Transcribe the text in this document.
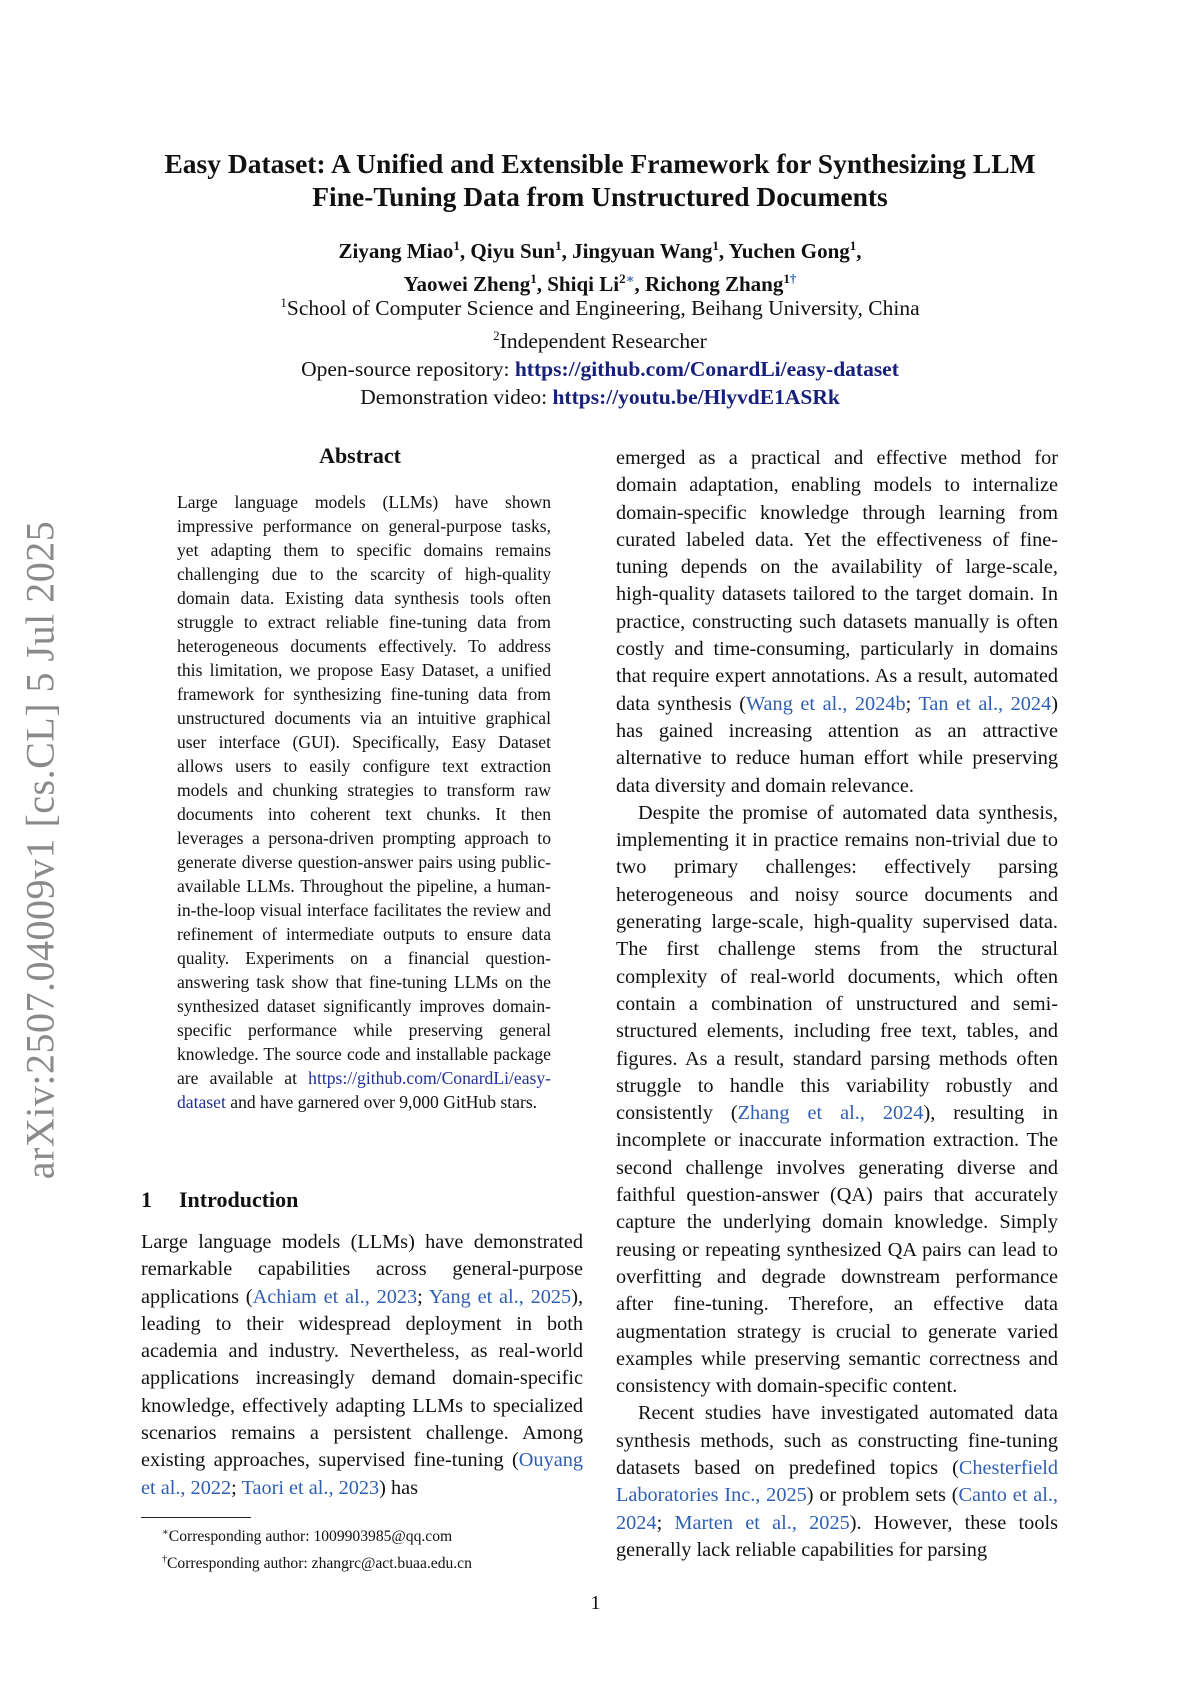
arXiv:2507.04009v1 [cs.CL] 5 Jul 2025
Easy Dataset: A Unified and Extensible Framework for Synthesizing LLM
Fine-Tuning Data from Unstructured Documents
Ziyang Miao$^1$, Qiyu Sun$^1$, Jingyuan Wang$^1$, Yuchen Gong$^1$,
Yaowei Zheng$^1$, Shiqi $Li^{2∗}$, Richong Zhang$^{1\dagger}$
$^1$School of Computer Science and Engineering, Beihang University, China
$^2$Independent Researcher
Open-source repository: https://github.com/ConardLi/easy-dataset
Demonstration video: https://youtu.be/HlyvdE1ASRk
Abstract
Large language models (LLMs) have shown impressive performance on general-purpose tasks, yet adapting them to specific domains remains challenging due to the scarcity of high-quality domain data. Existing data synthesis tools often struggle to extract reliable fine-tuning data from heterogeneous documents effectively. To address this limitation, we propose Easy Dataset, a unified framework for synthesizing fine-tuning data from unstructured documents via an intuitive graphical user interface (GUI). Specifically, Easy Dataset allows users to easily configure text extraction models and chunking strategies to transform raw documents into coherent text chunks. It then leverages a persona-driven prompting approach to generate diverse question-answer pairs using public-available LLMs. Throughout the pipeline, a human-in-the-loop visual interface facilitates the review and refinement of intermediate outputs to ensure data quality. Experiments on a financial question-answering task show that fine-tuning LLMs on the synthesized dataset significantly improves domain-specific performance while preserving general knowledge. The source code and installable package are available at https://github.com/ConardLi/easy-dataset and have garnered over 9,000 GitHub stars.
1 Introduction
Large language models (LLMs) have demonstrated remarkable capabilities across general-purpose applications (Achiam et al., 2023; Yang et al., 2025), leading to their widespread deployment in both academia and industry. Nevertheless, as real-world applications increasingly demand domain-specific knowledge, effectively adapting LLMs to specialized scenarios remains a persistent challenge. Among existing approaches, supervised fine-tuning (Ouyang et al., 2022; Taori et al., 2023) has
∗Corresponding author: 1009903985@qq.com
†Corresponding author: zhangrc@act.buaa.edu.cn

emerged as a practical and effective method for domain adaptation, enabling models to internalize domain-specific knowledge through learning from curated labeled data. Yet the effectiveness of fine-tuning depends on the availability of large-scale, high-quality datasets tailored to the target domain. In practice, constructing such datasets manually is often costly and time-consuming, particularly in domains that require expert annotations. As a result, automated data synthesis (Wang et al., 2024b; Tan et al., 2024) has gained increasing attention as an attractive alternative to reduce human effort while preserving data diversity and domain relevance.

Despite the promise of automated data synthesis, implementing it in practice remains non-trivial due to two primary challenges: effectively parsing heterogeneous and noisy source documents and generating large-scale, high-quality supervised data. The first challenge stems from the structural complexity of real-world documents, which often contain a combination of unstructured and semi-structured elements, including free text, tables, and figures. As a result, standard parsing methods often struggle to handle this variability robustly and consistently (Zhang et al., 2024), resulting in incomplete or inaccurate information extraction. The second challenge involves generating diverse and faithful question-answer (QA) pairs that accurately capture the underlying domain knowledge. Simply reusing or repeating synthesized QA pairs can lead to overfitting and degrade downstream performance after fine-tuning. Therefore, an effective data augmentation strategy is crucial to generate varied examples while preserving semantic correctness and consistency with domain-specific content.

Recent studies have investigated automated data synthesis methods, such as constructing fine-tuning datasets based on predefined topics (Chesterfield Laboratories Inc., 2025) or problem sets (Canto et al., 2024; Marten et al., 2025). However, these tools generally lack reliable capabilities for parsing

1
